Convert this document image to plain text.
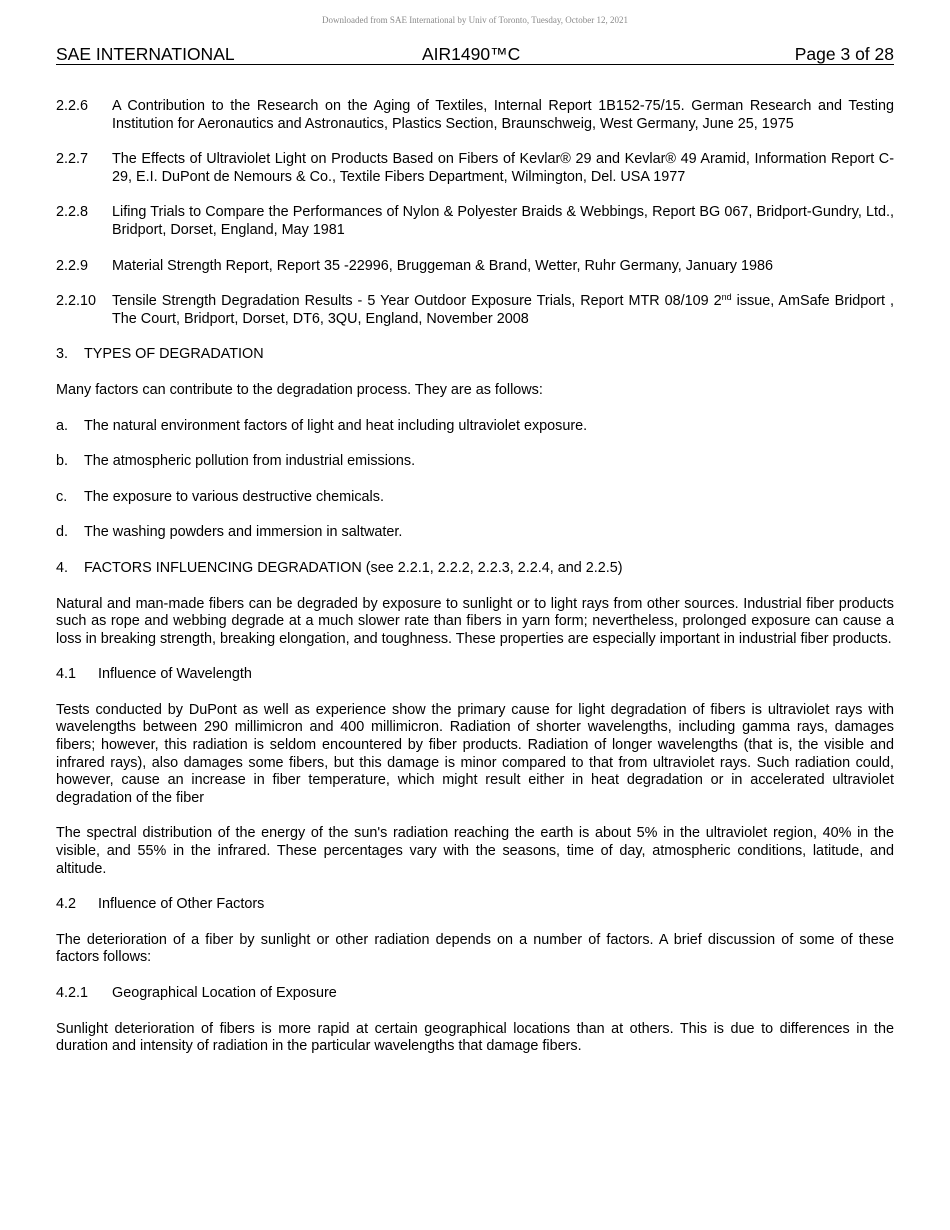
Downloaded from SAE International by Univ of Toronto, Tuesday, October 12, 2021
SAE INTERNATIONAL	AIR1490™C	Page 3 of 28
2.2.6	A Contribution to the Research on the Aging of Textiles, Internal Report 1B152-75/15. German Research and Testing Institution for Aeronautics and Astronautics, Plastics Section, Braunschweig, West Germany, June 25, 1975
2.2.7	The Effects of Ultraviolet Light on Products Based on Fibers of Kevlar® 29 and Kevlar® 49 Aramid, Information Report C-29, E.I. DuPont de Nemours & Co., Textile Fibers Department, Wilmington, Del. USA 1977
2.2.8	Lifing Trials to Compare the Performances of Nylon & Polyester Braids & Webbings, Report BG 067, Bridport-Gundry, Ltd., Bridport, Dorset, England, May 1981
2.2.9	Material Strength Report, Report 35 -22996, Bruggeman & Brand, Wetter, Ruhr Germany, January 1986
2.2.10	Tensile Strength Degradation Results - 5 Year Outdoor Exposure Trials, Report MTR 08/109 2nd issue, AmSafe Bridport , The Court, Bridport, Dorset, DT6, 3QU, England, November 2008
3. TYPES OF DEGRADATION
Many factors can contribute to the degradation process. They are as follows:
a.	The natural environment factors of light and heat including ultraviolet exposure.
b.	The atmospheric pollution from industrial emissions.
c.	The exposure to various destructive chemicals.
d.	The washing powders and immersion in saltwater.
4. FACTORS INFLUENCING DEGRADATION (see 2.2.1, 2.2.2, 2.2.3, 2.2.4, and 2.2.5)
Natural and man-made fibers can be degraded by exposure to sunlight or to light rays from other sources. Industrial fiber products such as rope and webbing degrade at a much slower rate than fibers in yarn form; nevertheless, prolonged exposure can cause a loss in breaking strength, breaking elongation, and toughness. These properties are especially important in industrial fiber products.
4.1 Influence of Wavelength
Tests conducted by DuPont as well as experience show the primary cause for light degradation of fibers is ultraviolet rays with wavelengths between 290 millimicron and 400 millimicron. Radiation of shorter wavelengths, including gamma rays, damages fibers; however, this radiation is seldom encountered by fiber products. Radiation of longer wavelengths (that is, the visible and infrared rays), also damages some fibers, but this damage is minor compared to that from ultraviolet rays. Such radiation could, however, cause an increase in fiber temperature, which might result either in heat degradation or in accelerated ultraviolet degradation of the fiber
The spectral distribution of the energy of the sun's radiation reaching the earth is about 5% in the ultraviolet region, 40% in the visible, and 55% in the infrared. These percentages vary with the seasons, time of day, atmospheric conditions, latitude, and altitude.
4.2 Influence of Other Factors
The deterioration of a fiber by sunlight or other radiation depends on a number of factors. A brief discussion of some of these factors follows:
4.2.1 Geographical Location of Exposure
Sunlight deterioration of fibers is more rapid at certain geographical locations than at others. This is due to differences in the duration and intensity of radiation in the particular wavelengths that damage fibers.
